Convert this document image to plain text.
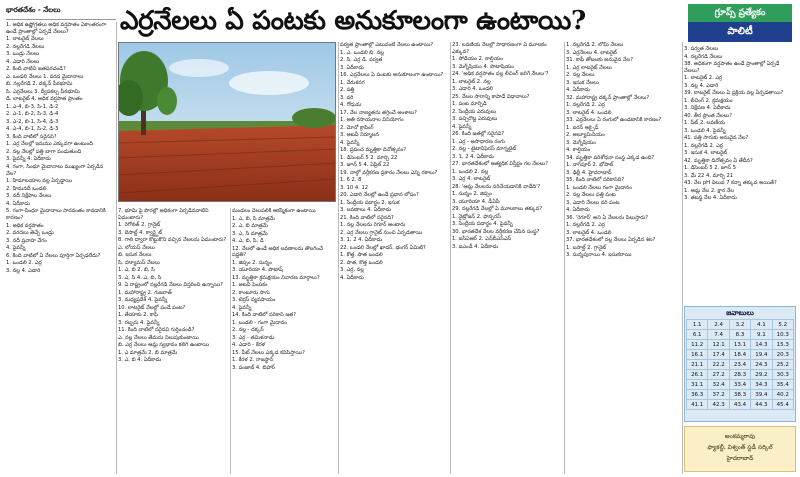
భారతదేశం - నేలలు	ఎర్రనేలలు ఏ పంటకు అనుకూలంగా ఉంటాయి?	గ్రూప్స్ ప్రత్యేకం
పాలిటీ

1. అధిక ఉష్ణోగ్రతలు అధిక వర్షపాతం ఏకాంతరంగా ఉండే ప్రాంతాల్లో ఏర్పడే నేలలు?

1. లాటరైట్ నేలలు

2. నల్లరేగడి నేలలు

3. ఒండ్రు నేలలు

4. ఎడారి నేలలు

2. కింది వాటిని జతపరచండి?

ఎ. ఒండలి నేలలు 1. వరద మైదానాలు

బి. నల్లరేగడి 2. దక్కన్ పీఠభూమి

సి. ఎర్రనేలలు 3. ద్వీపకల్ప పీఠభూమి

డి. లాటరైట్ 4. అధిక వర్షపాత ప్రాంతం

1. ఎ-4, బి-3, సి-1, డి-2

2. ఎ-1, బి-2, సి-3, డి-4

3. ఎ-2, బి-1, సి-4, డి-3

4. ఎ-4, బి-1, సి-2, డి-3

3. కింది వాటిలో సరైనవి?

1. ఎర్ర నేలల్లో ఇనుము ఎక్కువగా ఉంటుంది

2. నల్ల నేలల్లో పత్తి బాగా పండుతుంది

3. పైవన్నీ 4. ఏదీకాదు

4. గంగా, సింధూ మైదానాలు ముఖ్యంగా ఏర్పడిన నేల?

1. హిమాలయాల వల్ల ఏర్పడ్డాయి

2. హిమనదీ ఒండలి

3. నదీ నిక్షేపాల నేలలు

4. ఏదీకాదు

5. గంగా-సింధూ మైదానాలు సారవంతం కావడానికి కారణం?

1. అధిక వర్షపాతం

2. వరదలు తెచ్చే ఒండ్రు

3. నదీ ప్రవాహ వేగం

4. పైవన్నీ

6. కింది వాటిలో ఏ నేలలు పూర్తిగా ఏర్పడలేదు?

1. ఒండలి 2. ఎర్ర

3. నల్ల 4. ఎడారి

7. భూమి పై పొరల్లో అధికంగా ఏర్పడినవాటిని ఏమంటారు?

1. రెగోలిత్ 2. గ్రానైట్

3. బెసాల్ట్ 4. క్వార్ట్జైట్

8. గాలి ద్వారా కొట్టుకొని వచ్చిన నేలలను ఏమంటారు?

ఎ. లోయస్ నేలలు

బి. ఇసుక నేలలు

సి. హ్యూమస్ నేలలు

1. ఎ, బి 2. బి, సి

3. ఎ, సి 4. ఎ, బి, సి

9. ఏ రాష్ట్రంలో నల్లరేగడి నేలలు విస్తరించి ఉన్నాయి?

1. మహారాష్ట్ర 2. గుజరాత్

3. మధ్యప్రదేశ్ 4. పైవన్నీ

10. లాటరైట్ నేలల్లో పండే పంట?

1. తేయాకు 2. కాఫీ

3. రబ్బరు 4. పైవన్నీ

11. కింది వాటిలో సరైనవి గుర్తించండి?

ఎ. నల్ల నేలలు తేమను నిలుపుకుంటాయి

బి. ఎర్ర నేలలు ఆమ్ల స్వభావం కలిగి ఉంటాయి

1. ఎ మాత్రమే 2. బి మాత్రమే

3. ఎ, బి 4. ఏదీకాదు

మండలం వెలుపలికి ఆకస్మికంగా ఉంటాయి

1. ఎ, బి, సి మాత్రమే

2. ఎ, బి మాత్రమే

3. ఎ, సి మాత్రమే

4. ఎ, బి, సి, డి

12. నేలలో ఉండే అధిక లవణాలను తొలగించే పద్ధతి?

1. జిప్సం 2. సున్నం

3. యూరియా 4. పొటాష్

13. మృత్తికా క్రమక్షయం నివారణ మార్గాలు?

1. అటవీ పెంపకం

2. కాంటూరు సాగు

3. టెర్రస్ వ్యవసాయం

4. పైవన్నీ

14. కింది వాటిలో సరికాని జత?

1. ఒండలి - గంగా మైదానం

2. నల్ల - దక్కన్

3. ఎర్ర - తమిళనాడు

4. ఎడారి - కేరళ

15. పీట్ నేలలు ఎక్కడ కనిపిస్తాయి?

1. కేరళ 2. రాజస్థాన్

3. పంజాబ్ 4. బిహార్

పర్వత ప్రాంతాల్లో ఎటువంటి నేలలు ఉంటాయి?

1. ఎ. ఒండలి బి. నల్ల

2. సి. ఎర్ర డి. పర్వత

3. ఏదీకాదు

16. ఎర్రనేలలు ఏ పంటకు అనుకూలంగా ఉంటాయి?

1. వేరుశనగ

2. పత్తి

3. వరి

4. గోధుమ

17. నేల నాణ్యతను తగ్గించే అంశాలు?

1. అతి రసాయనాల వినియోగం

2. మోనో క్రాపింగ్

3. అటవీ నిర్మూలన

4. పైవన్నీ

18. ప్రపంచ మృత్తికా దినోత్సవం?

1. డిసెంబర్ 5 2. మార్చి 22

3. జూన్ 5 4. ఏప్రిల్ 22

19. నాల్గో వర్గీకరణ ప్రకారం నేలలు ఎన్ని రకాలు?

1. 6 2. 8

3. 10 4. 12

20. ఎడారి నేలల్లో ఉండే ప్రధాన లోపం?

1. సేంద్రీయ పదార్థం 2. ఇసుక

3. లవణాలు 4. ఏదీకాదు

21. కింది వాటిలో సరైనది?

1. నల్ల నేలలను రెగూర్ అంటారు

2. ఎర్ర నేలలు గ్రానైట్ నుంచి ఏర్పడతాయి

3. 1, 2 4. ఏదీకాదు

22. ఒండలి నేలల్లో ఖాదర్, భంగర్ ఏమిటి?

1. కొత్త, పాత ఒండలి

2. పాత, కొత్త ఒండలి

3. ఎర్ర, నల్ల

4. ఏదీకాదు

23. లవణీయ నేలల్లో సాధారణంగా ఏ మూలకం ఎక్కువ?

1. సోడియం 2. కాల్షియం

3. మెగ్నీషియం 4. పొటాషియం

24. 'అధిక వర్షపాతం వల్ల లీచింగ్ జరిగే నేలలు'?

1. లాటరైట్ 2. నల్ల

3. ఎడారి 4. ఒండలి

25. నేలల సారాన్ని కాపాడే విధానాలు?

1. పంట మార్పిడి

2. సేంద్రీయ ఎరువులు

3. పచ్చిరొట్ట ఎరువులు

4. పైవన్నీ

26. కింది జతల్లో సరైనవి?

1. ఎర్ర - అసాధారణ రంగు

2. నల్ల - టైటానిఫెరస్ మాగ్నటైట్

3. 1, 2 4. ఏదీకాదు

27. భారతదేశంలో అత్యధిక విస్తీర్ణం గల నేలలు?

1. ఒండలి 2. నల్ల

3. ఎర్ర 4. లాటరైట్

28. 'ఆమ్ల నేలలను సరిచేయడానికి వాడేది'?

1. సున్నం 2. జిప్సం

3. యూరియా 4. డీఏపీ

29. నల్లరేగడి నేలల్లో ఏ మూలకాలు తక్కువ?

1. నైట్రోజన్ 2. ఫాస్ఫరస్

3. సేంద్రీయ పదార్థం 4. పైవన్నీ

30. భారతదేశ నేలల వర్గీకరణ చేసిన సంస్థ?

1. ఐసీఏఆర్ 2. ఎన్‌బీఎస్‌ఎస్

3. ఐఎండీ 4. ఏదీకాదు

1. నల్లరేగడి 2. లోమీ నేలలు

3. ఎర్రనేలలు 4. లాటరైట్

31. కాఫీ తోటలకు అనువైన నేల?

1. ఎర్ర లాటరైట్ నేలలు

2. నల్ల నేలలు

3. ఇసుక నేలలు

4. ఏదీకాదు

32. మహారాష్ట్ర దక్కన్ ప్రాంతాల్లో నేలలు?

1. నల్లరేగడి 2. ఎర్ర

3. లాటరైట్ 4. ఒండలి

33. ఎర్రనేలలు ఏ రంగులో ఉండటానికి కారణం?

1. ఐరన్ ఆక్సైడ్

2. అల్యూమినియం

3. మెగ్నీషియం

4. కాల్షియం

34. మృత్తికా పరిశోధనా సంస్థ ఎక్కడ ఉంది?

1. నాగ్‌పూర్ 2. భోపాల్

3. ఢిల్లీ 4. హైదరాబాద్

35. కింది వాటిలో సరికానిది?

1. ఒండలి నేలలు గంగా మైదానం

2. నల్ల నేలలు పత్తి పంట

3. ఎడారి నేలలు వరి పంట

4. ఏదీకాదు

36. 'రెగూర్' అని ఏ నేలలను పిలుస్తారు?

1. నల్లరేగడి 2. ఎర్ర

3. లాటరైట్ 4. ఒండలి

37. భారతదేశంలో నల్ల నేలలు ఏర్పడిన శిల?

1. బసాల్ట్ 2. గ్రానైట్

3. సున్నపురాయి 4. ఇసుకరాయి

3. పర్వత నేలలు

4. నల్లరేగడి నేలలు

38. అధికంగా వర్షపాతం ఉండే ప్రాంతాల్లో ఏర్పడే నేలలు?

1. లాటరైట్ 2. ఎర్ర

3. నల్ల 4. ఎడారి

39. లాటరైట్ నేలలు ఏ ప్రక్రియ వల్ల ఏర్పడతాయి?

1. లీచింగ్ 2. క్రమక్షయం

3. నిక్షేపణ 4. ఏదీకాదు

40. తీర ప్రాంత నేలలు?

1. పీట్ 2. లవణీయ

3. ఒండలి 4. పైవన్నీ

41. పత్తి సాగుకు అనువైన నేల?

1. నల్లరేగడి 2. ఎర్ర

3. ఇసుక 4. లాటరైట్

42. మృత్తికా దినోత్సవం ఏ తేదీన?

1. డిసెంబర్ 5 2. జూన్ 5

3. మే 22 4. మార్చి 21

43. నేల pH విలువ 7 కన్నా తక్కువ అయితే?

1. ఆమ్ల నేల 2. క్షార నేల

3. తటస్థ నేల 4. ఏదీకాదు

జవాబులు
1.1	2.4	3.2	4.1	5.2
6.1	7.4	8.3	9.1	10.3
11.2	12.1	13.1	14.3	15.3
16.1	17.4	18.4	19.4	20.3
21.1	22.2	23.4	24.3	25.2
26.1	27.2	28.3	29.2	30.3
31.1	32.4	33.4	34.3	35.4
36.3	37.2	38.3	39.4	40.2
41.1	42.3	43.4	44.3	45.4
అంకమ్మరావు
ఫ్యాకల్టీ, విశ్వంత్ స్టడీ సర్కిల్
హైదరాబాద్
